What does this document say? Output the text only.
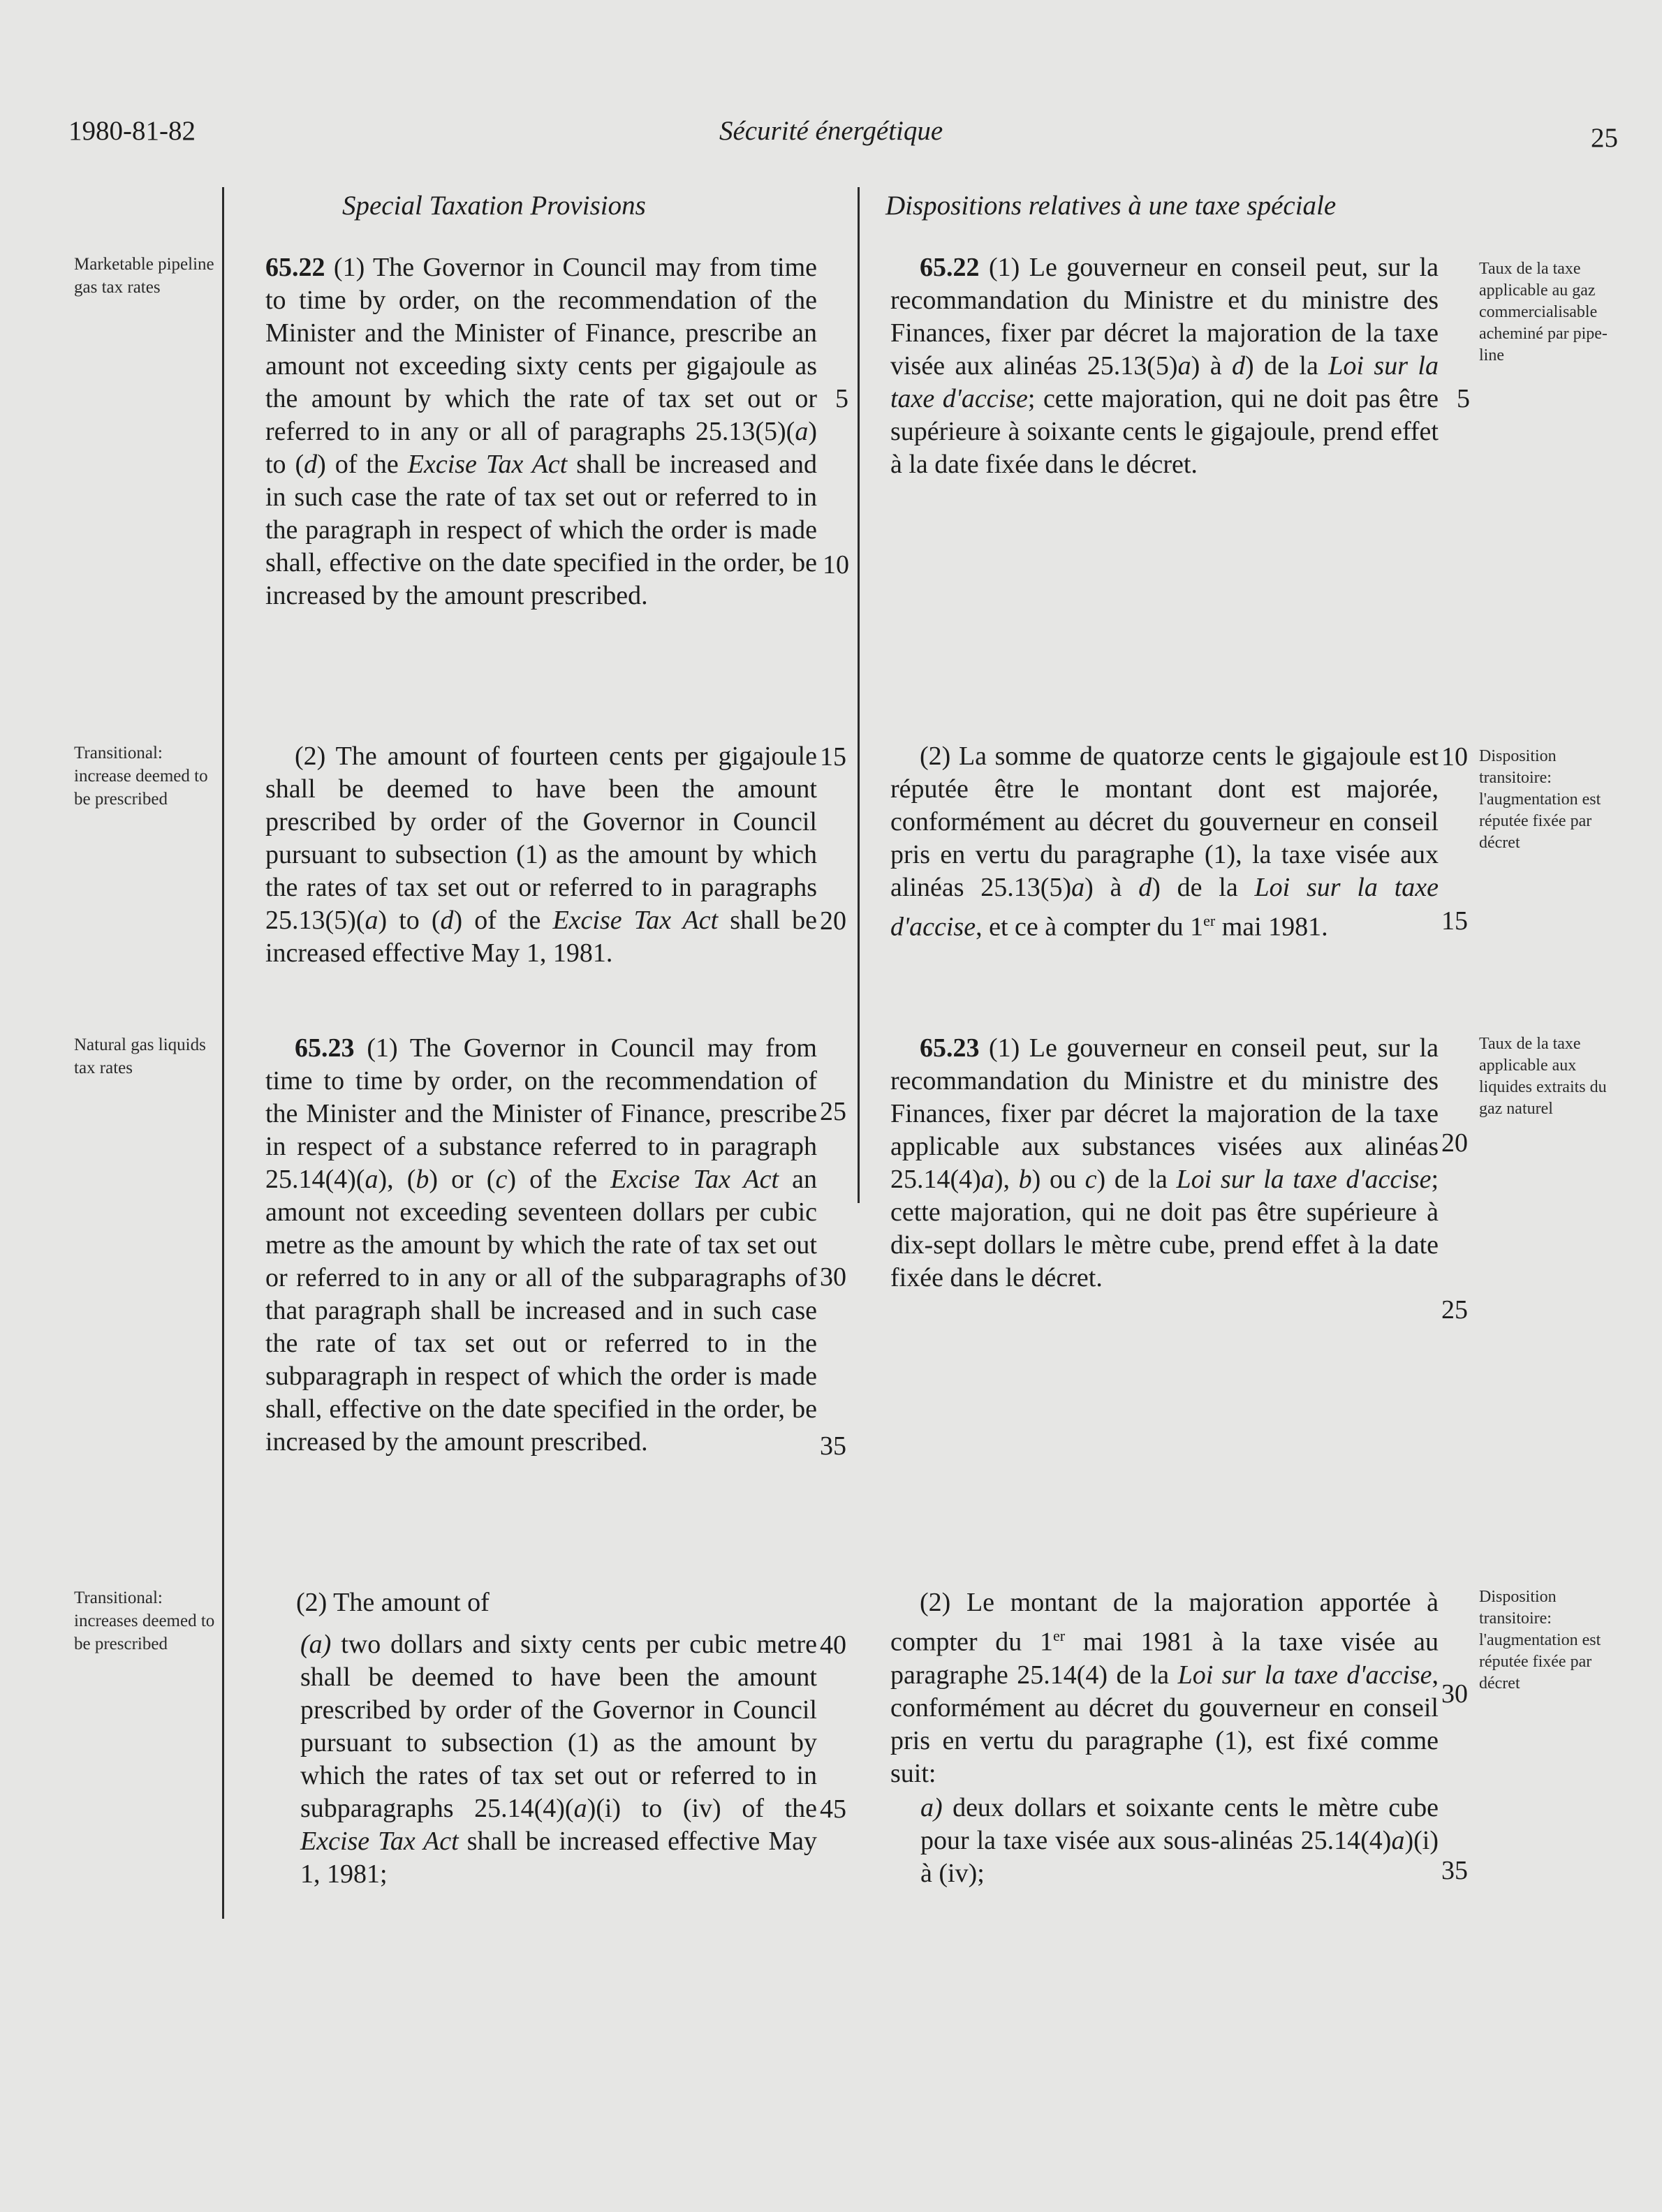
1980-81-82	Sécurité énergétique	25
Special Taxation Provisions	Dispositions relatives à une taxe spéciale
Marketable pipeline gas tax rates
Transitional: increase deemed to be prescribed
Natural gas liquids tax rates
Transitional: increases deemed to be prescribed
65.22 (1) The Governor in Council may from time to time by order, on the recommendation of the Minister and the Minister of Finance, prescribe an amount not exceeding sixty cents per gigajoule as the amount by which the rate of tax set out or referred to in any or all of paragraphs 25.13(5)(a) to (d) of the Excise Tax Act shall be increased and in such case the rate of tax set out or referred to in the paragraph in respect of which the order is made shall, effective on the date specified in the order, be increased by the amount prescribed.
(2) The amount of fourteen cents per gigajoule shall be deemed to have been the amount prescribed by order of the Governor in Council pursuant to subsection (1) as the amount by which the rates of tax set out or referred to in paragraphs 25.13(5)(a) to (d) of the Excise Tax Act shall be increased effective May 1, 1981.
65.23 (1) The Governor in Council may from time to time by order, on the recommendation of the Minister and the Minister of Finance, prescribe in respect of a substance referred to in paragraph 25.14(4)(a), (b) or (c) of the Excise Tax Act an amount not exceeding seventeen dollars per cubic metre as the amount by which the rate of tax set out or referred to in any or all of the subparagraphs of that paragraph shall be increased and in such case the rate of tax set out or referred to in the subparagraph in respect of which the order is made shall, effective on the date specified in the order, be increased by the amount prescribed.
(2) The amount of
(a) two dollars and sixty cents per cubic metre shall be deemed to have been the amount prescribed by order of the Governor in Council pursuant to subsection (1) as the amount by which the rates of tax set out or referred to in subparagraphs 25.14(4)(a)(i) to (iv) of the Excise Tax Act shall be increased effective May 1, 1981;
5
10
15
20
25
30
35
40
45
65.22 (1) Le gouverneur en conseil peut, sur la recommandation du Ministre et du ministre des Finances, fixer par décret la majoration de la taxe visée aux alinéas 25.13(5)a) à d) de la Loi sur la taxe d'accise; cette majoration, qui ne doit pas être supérieure à soixante cents le gigajoule, prend effet à la date fixée dans le décret.
(2) La somme de quatorze cents le gigajoule est réputée être le montant dont est majorée, conformément au décret du gouverneur en conseil pris en vertu du paragraphe (1), la taxe visée aux alinéas 25.13(5)a) à d) de la Loi sur la taxe d'accise, et ce à compter du 1er mai 1981.
65.23 (1) Le gouverneur en conseil peut, sur la recommandation du Ministre et du ministre des Finances, fixer par décret la majoration de la taxe applicable aux substances visées aux alinéas 25.14(4)a), b) ou c) de la Loi sur la taxe d'accise; cette majoration, qui ne doit pas être supérieure à dix-sept dollars le mètre cube, prend effet à la date fixée dans le décret.
(2) Le montant de la majoration apportée à compter du 1er mai 1981 à la taxe visée au paragraphe 25.14(4) de la Loi sur la taxe d'accise, conformément au décret du gouverneur en conseil pris en vertu du paragraphe (1), est fixé comme suit:
a) deux dollars et soixante cents le mètre cube pour la taxe visée aux sous-alinéas 25.14(4)a)(i) à (iv);
5
10
15
20
25
30
35
Taux de la taxe applicable au gaz commercialisable acheminé par pipe-line
Disposition transitoire: l'augmentation est réputée fixée par décret
Taux de la taxe applicable aux liquides extraits du gaz naturel
Disposition transitoire: l'augmentation est réputée fixée par décret
